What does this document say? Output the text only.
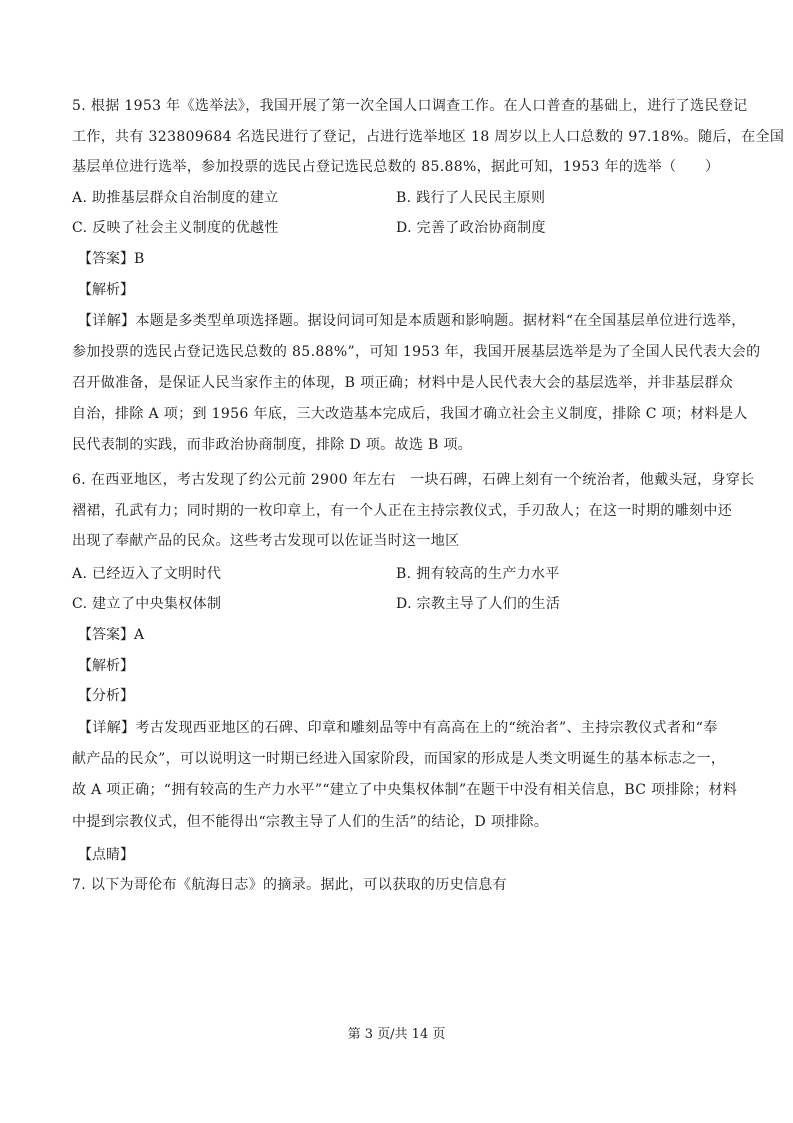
5. 根据 1953 年《选举法》，我国开展了第一次全国人口调查工作。在人口普查的基础上，进行了选民登记
工作，共有 323809684 名选民进行了登记，占进行选举地区 18 周岁以上人口总数的 97.18%。随后，在全国
基层单位进行选举，参加投票的选民占登记选民总数的 85.88%，据此可知，1953 年的选举（　　）
A. 助推基层群众自治制度的建立	B. 践行了人民民主原则
C. 反映了社会主义制度的优越性	D. 完善了政治协商制度
【答案】B
【解析】
【详解】本题是多类型单项选择题。据设问词可知是本质题和影响题。据材料“在全国基层单位进行选举，
参加投票的选民占登记选民总数的 85.88%”，可知 1953 年，我国开展基层选举是为了全国人民代表大会的
召开做准备，是保证人民当家作主的体现，B 项正确；材料中是人民代表大会的基层选举，并非基层群众
自治，排除 A 项；到 1956 年底，三大改造基本完成后，我国才确立社会主义制度，排除 C 项；材料是人
民代表制的实践，而非政治协商制度，排除 D 项。故选 B 项。
6. 在西亚地区，考古发现了约公元前 2900 年左右　一块石碑，石碑上刻有一个统治者，他戴头冠，身穿长
褶裙，孔武有力；同时期的一枚印章上，有一个人正在主持宗教仪式，手刃敌人；在这一时期的雕刻中还
出现了奉献产品的民众。这些考古发现可以佐证当时这一地区
A. 已经迈入了文明时代	B. 拥有较高的生产力水平
C. 建立了中央集权体制	D. 宗教主导了人们的生活
【答案】A
【解析】
【分析】
【详解】考古发现西亚地区的石碑、印章和雕刻品等中有高高在上的“统治者”、主持宗教仪式者和“奉
献产品的民众”，可以说明这一时期已经进入国家阶段，而国家的形成是人类文明诞生的基本标志之一，
故 A 项正确；“拥有较高的生产力水平”“建立了中央集权体制”在题干中没有相关信息，BC 项排除；材料
中提到宗教仪式，但不能得出“宗教主导了人们的生活”的结论，D 项排除。
【点睛】
7. 以下为哥伦布《航海日志》的摘录。据此，可以获取的历史信息有
第 3 页/共 14 页
